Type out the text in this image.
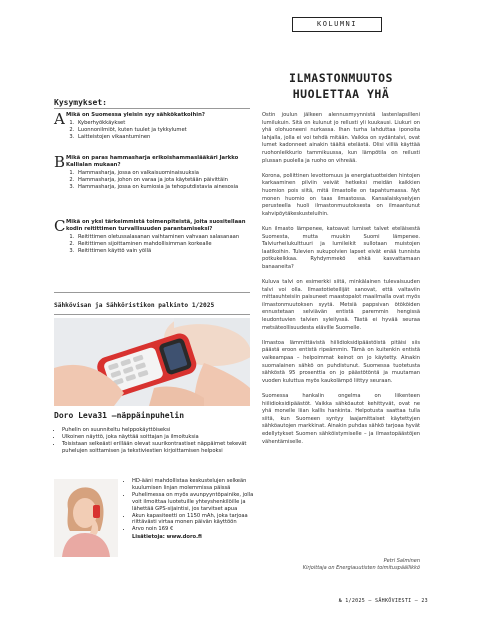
KOLUMNI
ILMASTONMUUTOS
HUOLETTAA YHÄ

Ostin joulun jälkeen alennusmyynnistä lastenlapsilleni lumilukuin. Sitä on kulunut jo rellusti yli kuukausi. Liukuri on yhä olohuoneeni nurkassa. Ihan turha lahduttaa iponoita lahjalla, jolla ei voi tehdä mitään. Vaikka on sydäntalvi, ovat lumet kadonneet ainakin täältä etelästä. Olisi villiä käyttää ruohonleikkurio tammikuussa, kun lämpötila on reilusti plussan puolella ja ruoho on vihreää.

Korona, poliittinen levottomuus ja energiatuotteiden hintojen karkaaminen pilviin veivät hetkeksi meidän kaikkien huomion pois siitä, mitä ilmastolle on tapahtumassa. Nyt monen huomio on taas ilmastossa. Kansalaiskyselyjen perusteella huoli ilmastonmuutoksesta on ilmaantunut kahvipöytäkeskusteluihin.

Kun ilmasto lämpenee, katoavat lumiset talvet eteläisestä Suomesta, mutta muukin Suomi lämpenee. Talviurheilukulttuuri ja lumileikit sullotaan muistojen laatikoihin. Tulevien sukupolvien lapset eivät enää tunnista potkukelkkaa. Ryhdymmekö ehkä kasvattamaan banaaneita?

Kuluva talvi on esimerkki siitä, minkälainen tulevaisuuden talvi voi olla. Ilmastotieteilijät sanovat, että valtaviin mittasuhteisiin paisuneet maastopalot maailmalla ovat myös ilmastonmuutoksen syytä. Metsiä pappsivan ötököiden ennustetaan selviävän entistä paremmin hengissä leudontuvien talvien syleilyssä. Tästä ei hyvää seuraa metsäteollisuudesta eläville Suomelle.

Ilmastoa lämmittävistä hiilidioksidipäästöistä pitäisi siis päästä eroon entistä ripeämmin. Tämä on kuitenkin entistä vaikeampaa – helpoimmat keinot on jo käytetty. Ainakin suomalainen sähkö on puhdistunut. Suomessa tuotetusta sähköstä 95 prosenttia on jo päästötöntä ja muutaman vuoden kuluttua myös kaukolämpö liittyy seuraan.

Suomessa hankalin ongelma on liikenteen hiilidioksidipäästöt. Vaikka sähköautot kehittyvät, ovat ne yhä monelle liian kallis hankinta. Helpotusta saattaa tulla siitä, kun Suomeen syntyy laajamittaiset käytettyjen sähköautojen markkinat. Ainakin puhdas sähkö tarjoaa hyvät edellytykset Suomen sähköistymiselle – ja ilmastopäästöjen vähentämiselle.

Petri Salminen
Kirjoittaja on Energiauutisten toimituspäällikkö
№ 1/2025 – SÄHKÖVIESTI – 23
Kysymykset:
A Mikä on Suomessa yleisin syy sähkökatkoihin?
1. Kyberhyökkäykset
2. Luonnonilmiöt, kuten tuulet ja tykkylumet
3. Laitteistojen vikaantuminen
B Mikä on paras hammasharja erikoishammaslääkäri Jarkko Kallialan mukaan?
1. Hammasharja, jossa on valkaisuominaisuuksia
2. Hammasharja, johon on varaa ja jota käytetään päivittäin
3. Hammasharja, jossa on kumiosia ja tehoputdistavia ainesosia
C Mikä on yksi tärkeimmistä toimenpiteistä, joita suositellaan kodin reitittimen turvallisuuden parantamiseksi?
1. Reitittimen oletussalasanan vaihtaminen vahvaan salasanaan
2. Reitittimen sijoittaminen mahdollisimman korkealle
3. Reitittimen käyttö vain yöllä
Sähkövisan ja Sähköristikon palkinto 1/2025
Doro Leva31 –näppäinpuhelin
• Puhelin on suunniteltu helppokäyttöiseksi
• Ulkoinen näyttö, joka näyttää soittajan ja ilmoituksia
• Toisistaan selkeästi erillään olevat suurikontrastiset näppäimet tekevät puhelujen soittamisen ja tekstiviestien kirjoittamisen helpoksi
• HD-ääni mahdollistaa keskustelujen selkeän kuulumisen linjan molemmissa päissä
• Puhelimessa on myös avunpyyntöpainike, jolla voit ilmoittaa luotetuille yhteyshenkilöille ja lähettää GPS-sijaintisi, jos tarvitset apua
• Akun kapasiteetti on 1150 mAh, joka tarjoaa riittävästi virtaa monen päivän käyttöön
• Arvo noin 169 €
Lisätietoja: www.doro.fi
